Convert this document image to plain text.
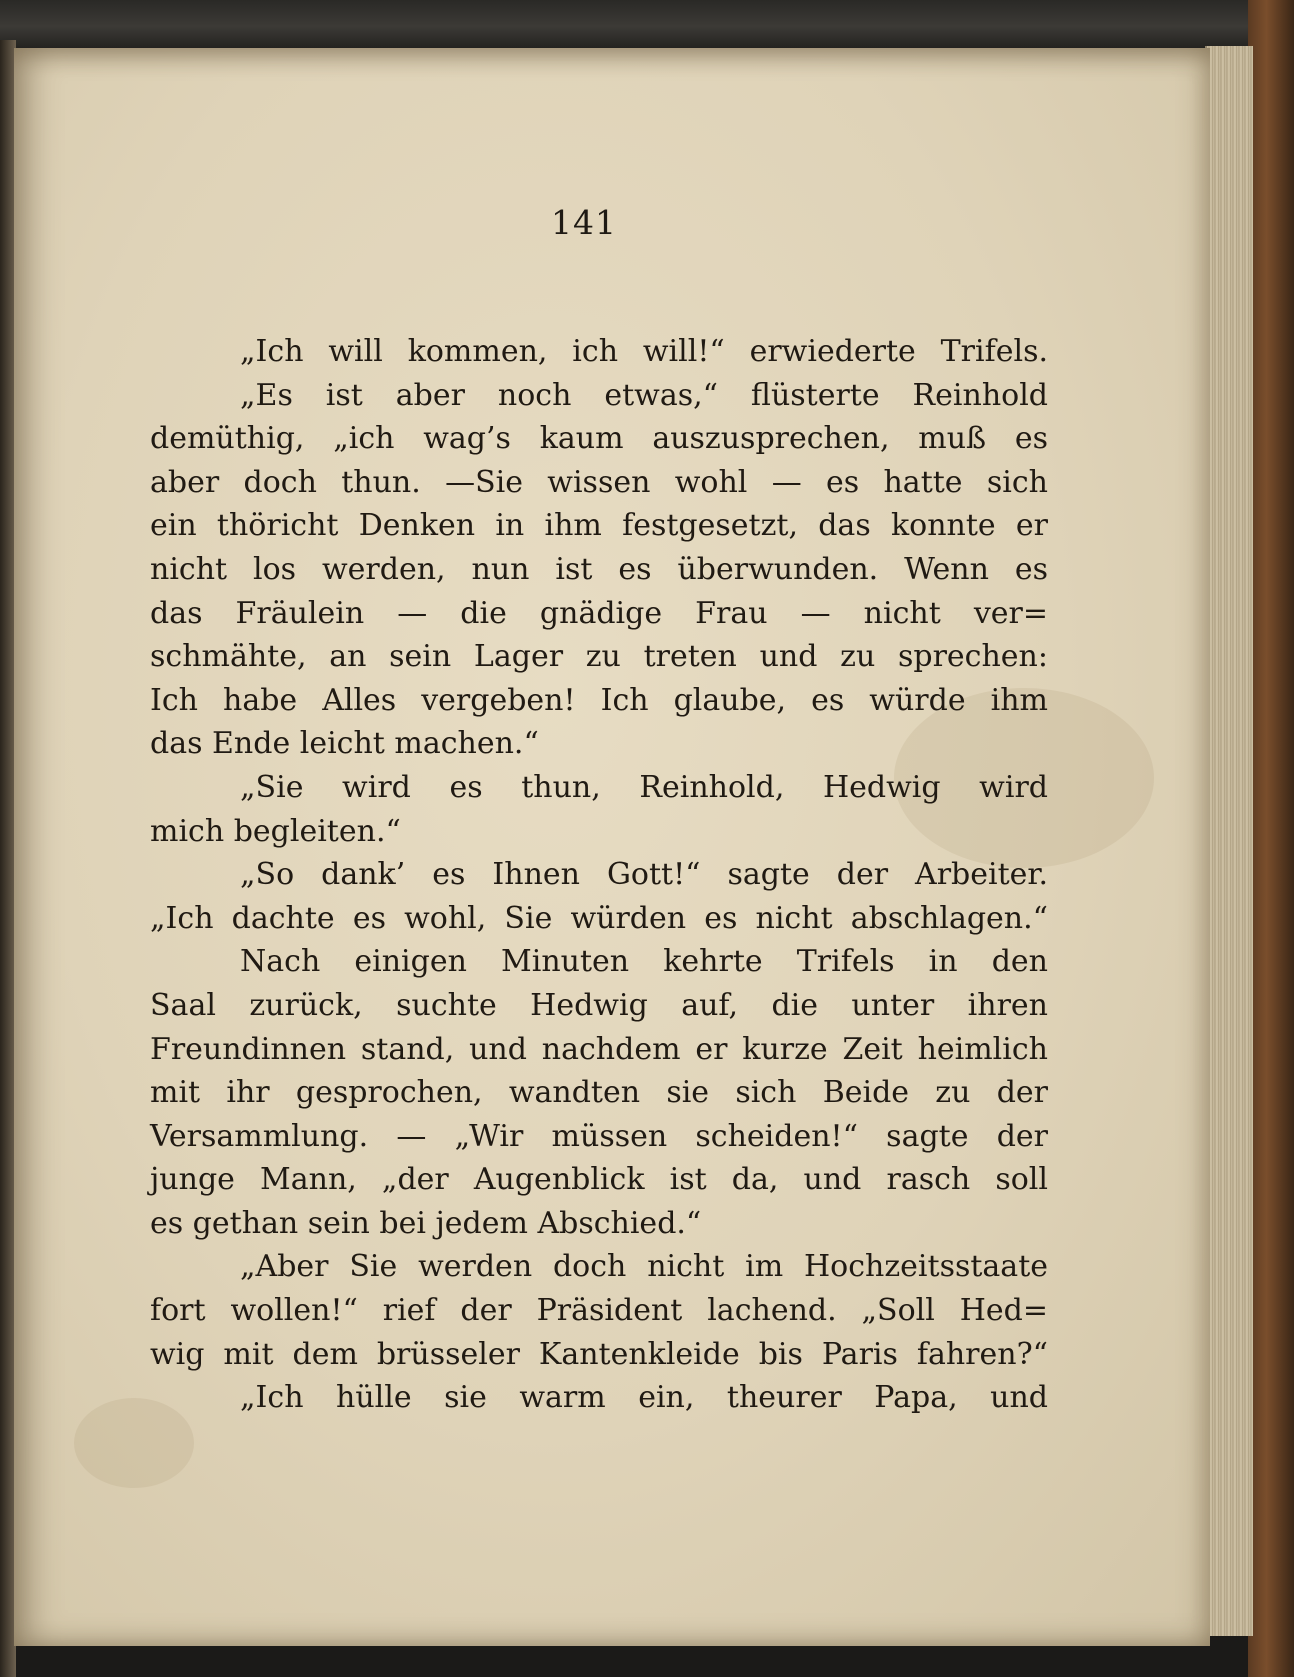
141
„Ich will kommen, ich will!“ erwiederte Trifels.
„Es ist aber noch etwas,“ flüsterte Reinhold
demüthig, „ich wag’s kaum auszusprechen, muß es
aber doch thun. —Sie wissen wohl — es hatte sich
ein thöricht Denken in ihm festgesetzt, das konnte er
nicht los werden, nun ist es überwunden. Wenn es
das Fräulein — die gnädige Frau — nicht ver=
schmähte, an sein Lager zu treten und zu sprechen:
Ich habe Alles vergeben! Ich glaube, es würde ihm
das Ende leicht machen.“
„Sie wird es thun, Reinhold, Hedwig wird
mich begleiten.“
„So dank’ es Ihnen Gott!“ sagte der Arbeiter.
„Ich dachte es wohl, Sie würden es nicht abschlagen.“
Nach einigen Minuten kehrte Trifels in den
Saal zurück, suchte Hedwig auf, die unter ihren
Freundinnen stand, und nachdem er kurze Zeit heimlich
mit ihr gesprochen, wandten sie sich Beide zu der
Versammlung. — „Wir müssen scheiden!“ sagte der
junge Mann, „der Augenblick ist da, und rasch soll
es gethan sein bei jedem Abschied.“
„Aber Sie werden doch nicht im Hochzeitsstaate
fort wollen!“ rief der Präsident lachend. „Soll Hed=
wig mit dem brüsseler Kantenkleide bis Paris fahren?“
„Ich hülle sie warm ein, theurer Papa, und
